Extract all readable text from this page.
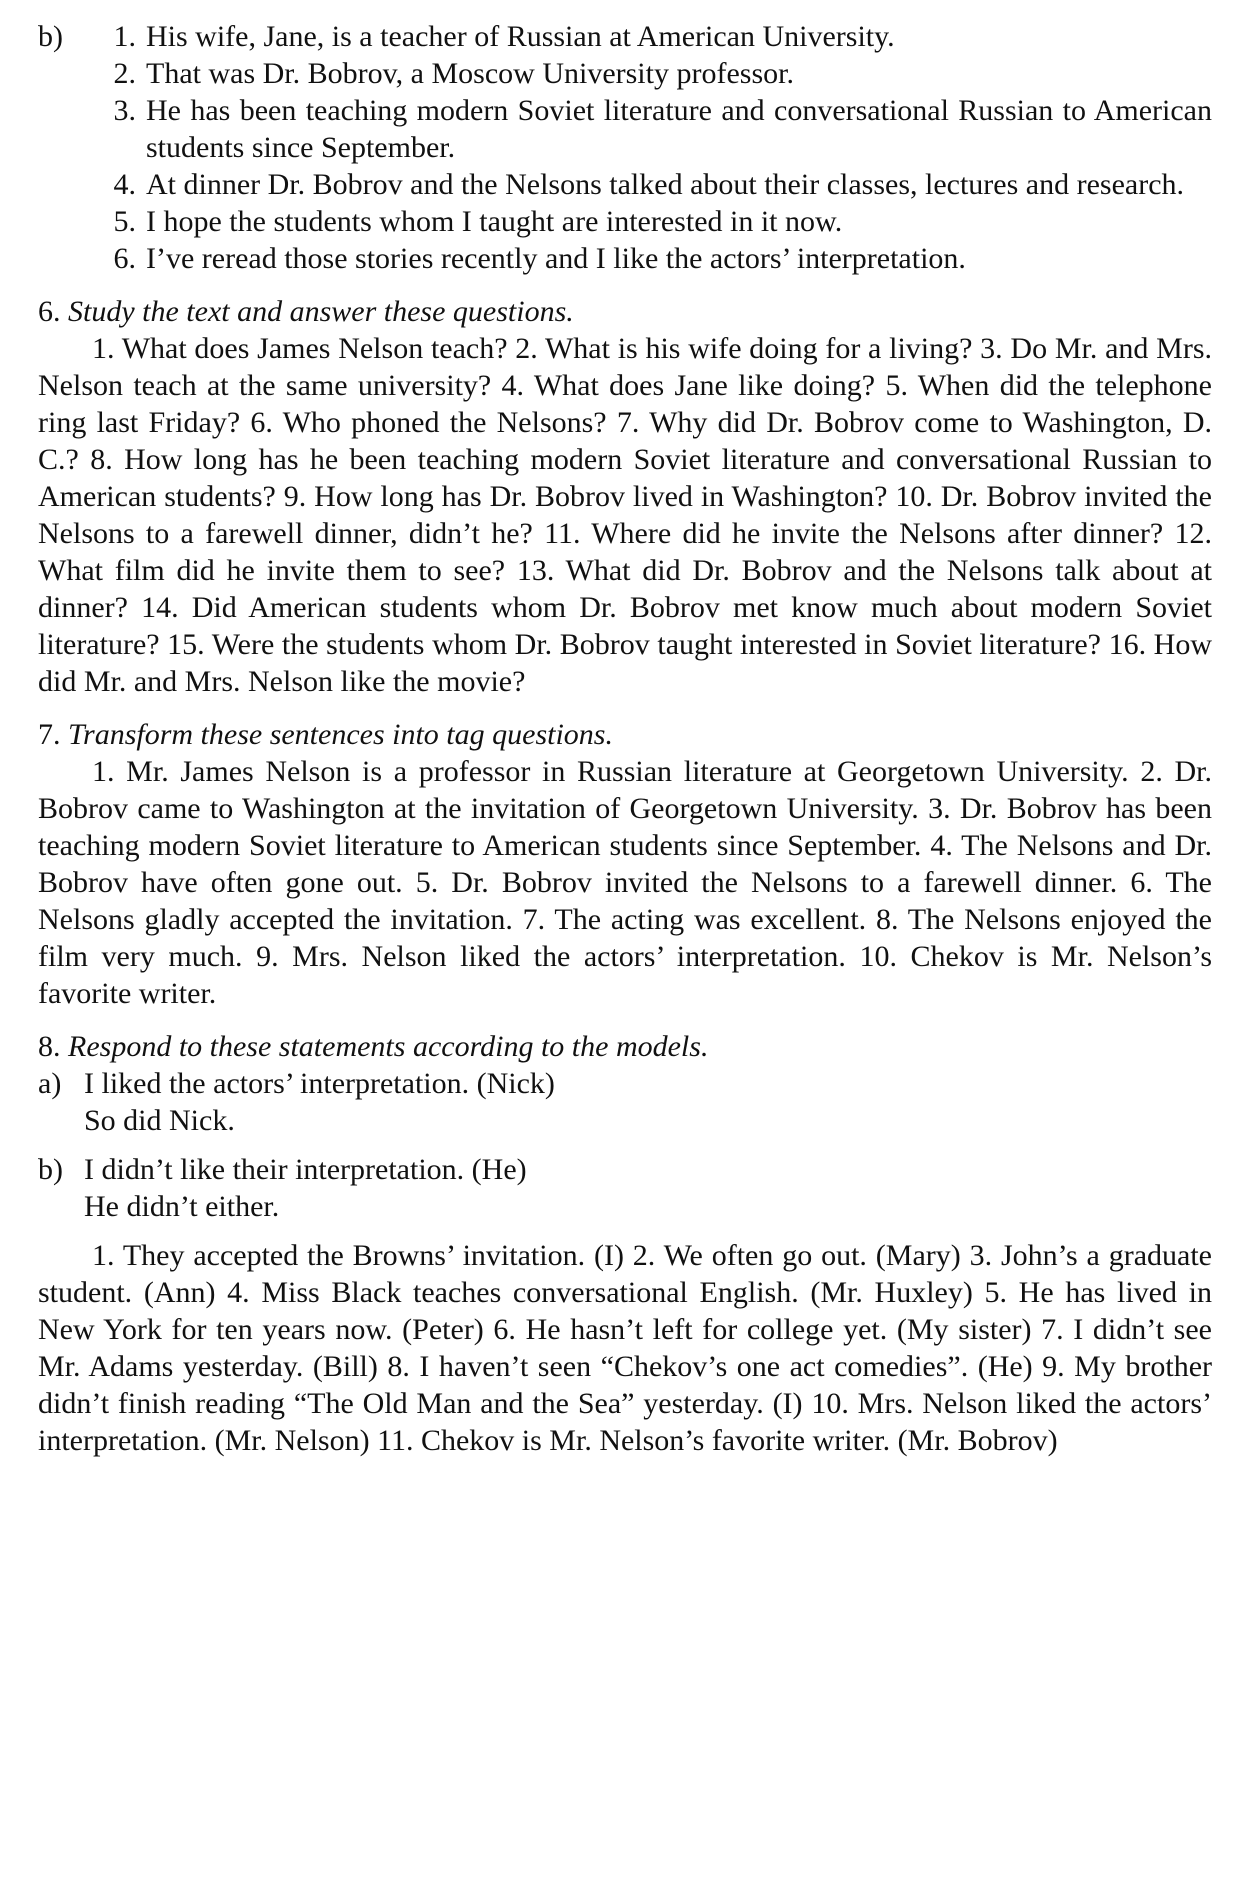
b)	1. His wife, Jane, is a teacher of Russian at American University.
2. That was Dr. Bobrov, a Moscow University professor.
3. He has been teaching modern Soviet literature and conversational Russian to American students since September.
4. At dinner Dr. Bobrov and the Nelsons talked about their classes, lectures and research.
5. I hope the students whom I taught are interested in it now.
6. I’ve reread those stories recently and I like the actors’ interpretation.
6. Study the text and answer these questions.
1. What does James Nelson teach? 2. What is his wife doing for a living? 3. Do Mr. and Mrs. Nelson teach at the same university? 4. What does Jane like doing? 5. When did the telephone ring last Friday? 6. Who phoned the Nelsons? 7. Why did Dr. Bobrov come to Washington, D. C.? 8. How long has he been teaching modern Soviet literature and conversational Russian to American students? 9. How long has Dr. Bobrov lived in Washington? 10. Dr. Bobrov invited the Nelsons to a farewell dinner, didn’t he? 11. Where did he invite the Nelsons after dinner? 12. What film did he invite them to see? 13. What did Dr. Bobrov and the Nelsons talk about at dinner? 14. Did American students whom Dr. Bobrov met know much about modern Soviet literature? 15. Were the students whom Dr. Bobrov taught interested in Soviet literature? 16. How did Mr. and Mrs. Nelson like the movie?
7. Transform these sentences into tag questions.
1. Mr. James Nelson is a professor in Russian literature at Georgetown University. 2. Dr. Bobrov came to Washington at the invitation of Georgetown University. 3. Dr. Bobrov has been teaching modern Soviet literature to American students since September. 4. The Nelsons and Dr. Bobrov have often gone out. 5. Dr. Bobrov invited the Nelsons to a farewell dinner. 6. The Nelsons gladly accepted the invitation. 7. The acting was excellent. 8. The Nelsons enjoyed the film very much. 9. Mrs. Nelson liked the actors’ interpretation. 10. Chekov is Mr. Nelson’s favorite writer.
8. Respond to these statements according to the models.
a) I liked the actors’ interpretation. (Nick)
So did Nick.
b) I didn’t like their interpretation. (He)
He didn’t either.
1. They accepted the Browns’ invitation. (I) 2. We often go out. (Mary) 3. John’s a graduate student. (Ann) 4. Miss Black teaches conversational English. (Mr. Huxley) 5. He has lived in New York for ten years now. (Peter) 6. He hasn’t left for college yet. (My sister) 7. I didn’t see Mr. Adams yesterday. (Bill) 8. I haven’t seen “Chekov’s one act comedies”. (He) 9. My brother didn’t finish reading “The Old Man and the Sea” yesterday. (I) 10. Mrs. Nelson liked the actors’ interpretation. (Mr. Nelson) 11. Chekov is Mr. Nelson’s favorite writer. (Mr. Bobrov)
